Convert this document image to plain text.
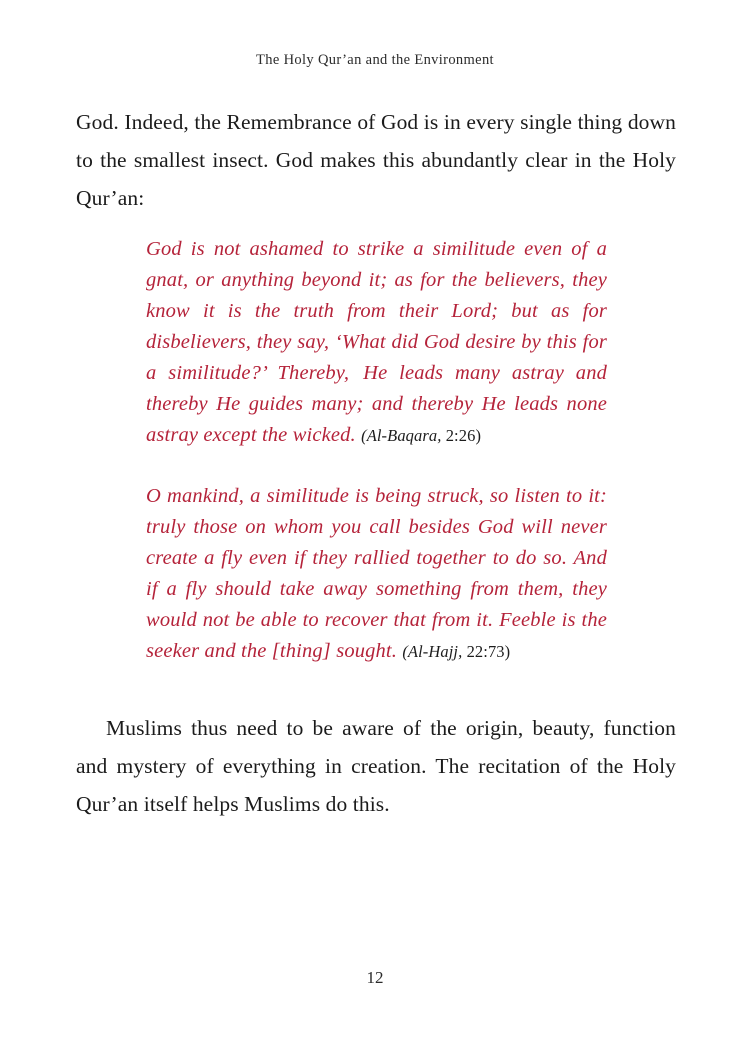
The Holy Qur’an and the Environment

God. Indeed, the Remembrance of God is in every single thing down to the smallest insect. God makes this abundantly clear in the Holy Qur’an:

God is not ashamed to strike a similitude even of a gnat, or anything beyond it; as for the believers, they know it is the truth from their Lord; but as for disbelievers, they say, ‘What did God desire by this for a similitude?’ Thereby, He leads many astray and thereby He guides many; and thereby He leads none astray except the wicked. (Al-Baqara, 2:26)

O mankind, a similitude is being struck, so listen to it: truly those on whom you call besides God will never create a fly even if they rallied together to do so. And if a fly should take away something from them, they would not be able to recover that from it. Feeble is the seeker and the [thing] sought. (Al-Hajj, 22:73)

Muslims thus need to be aware of the origin, beauty, function and mystery of everything in creation. The recitation of the Holy Qur’an itself helps Muslims do this.

12
